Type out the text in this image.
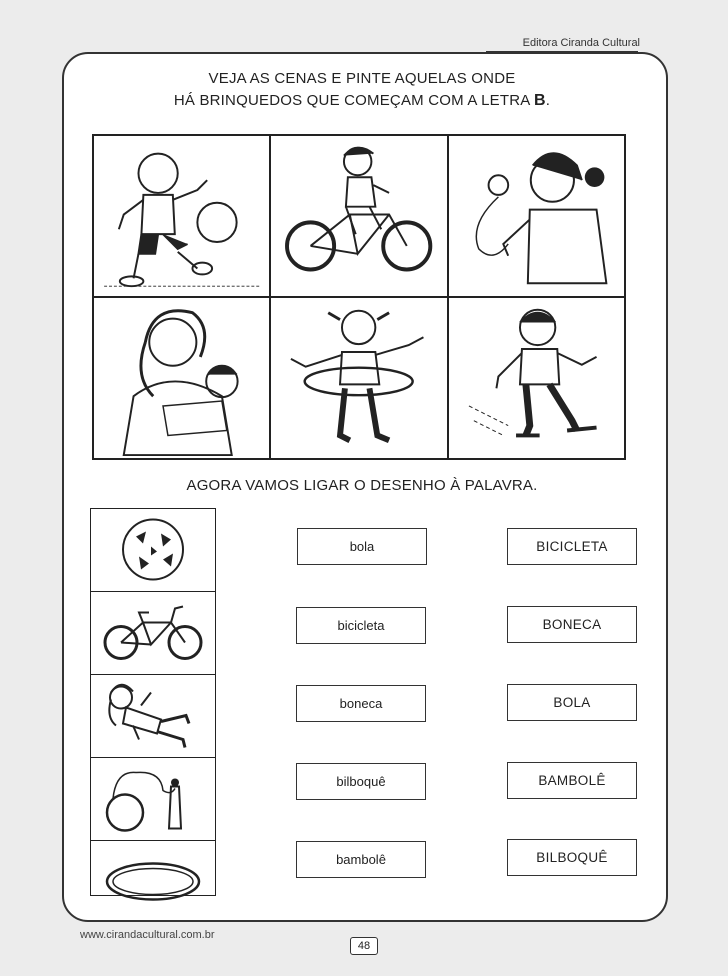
Editora Ciranda Cultural
VEJA AS CENAS E PINTE AQUELAS ONDE
HÁ BRINQUEDOS QUE COMEÇAM COM A LETRA B.
AGORA VAMOS LIGAR O DESENHO À PALAVRA.
bola
bicicleta
boneca
bilboquê
bambolê
BICICLETA
BONECA
BOLA
BAMBOLÊ
BILBOQUÊ
www.cirandacultural.com.br
48
